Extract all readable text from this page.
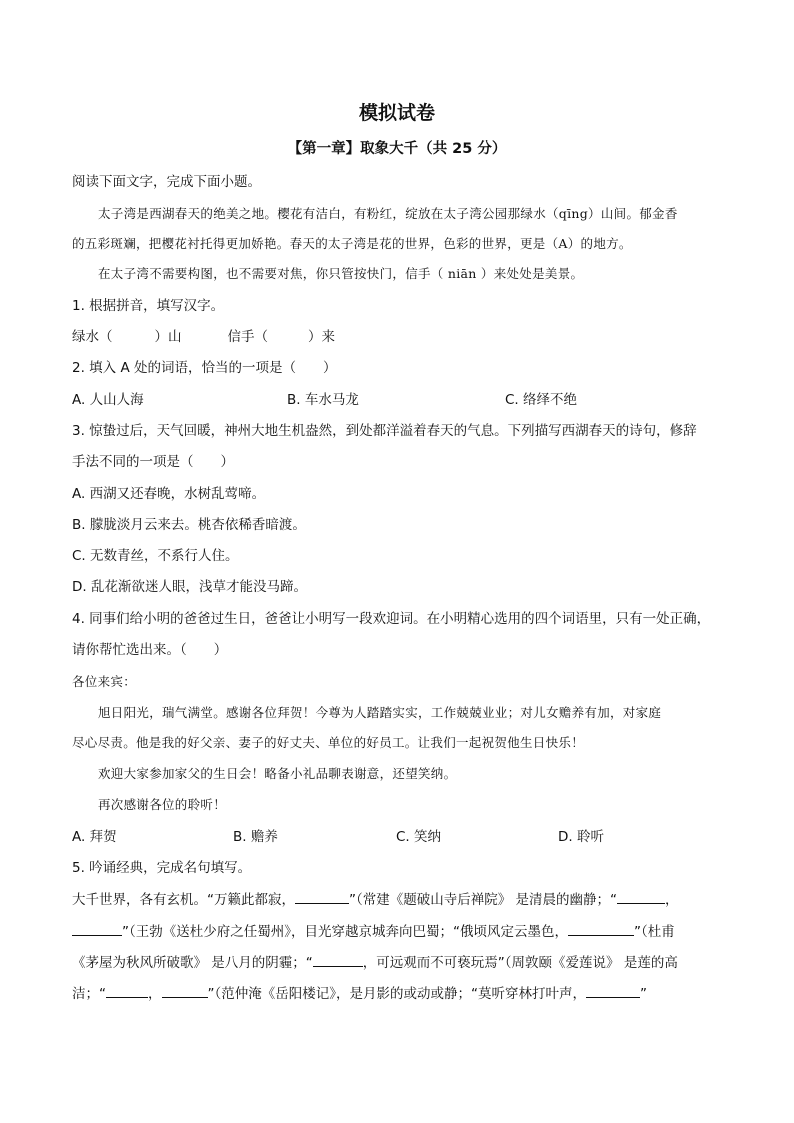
模拟试卷
【第一章】取象大千（共 25 分）
阅读下面文字，完成下面小题。
太子湾是西湖春天的绝美之地。樱花有洁白，有粉红，绽放在太子湾公园那绿水（qīng）山间。郁金香
的五彩斑斓，把樱花衬托得更加娇艳。春天的太子湾是花的世界，色彩的世界，更是（A）的地方。
在太子湾不需要构图，也不需要对焦，你只管按快门，信手（ niān ）来处处是美景。
1. 根据拼音，填写汉字。
绿水（	）山	信手（	）来
2. 填入 A 处的词语，恰当的一项是（　　）
A. 人山人海	B. 车水马龙	C. 络绎不绝
3. 惊蛰过后，天气回暖，神州大地生机盎然，到处都洋溢着春天的气息。下列描写西湖春天的诗句，修辞
手法不同的一项是（　　）
A. 西湖又还春晚，水树乱莺啼。
B. 朦胧淡月云来去。桃杏依稀香暗渡。
C. 无数青丝，不系行人住。
D. 乱花渐欲迷人眼，浅草才能没马蹄。
4. 同事们给小明的爸爸过生日，爸爸让小明写一段欢迎词。在小明精心选用的四个词语里，只有一处正确，
请你帮忙选出来。（　　）
各位来宾：
旭日阳光，瑞气满堂。感谢各位拜贺！今尊为人踏踏实实，工作兢兢业业；对儿女赡养有加，对家庭
尽心尽责。他是我的好父亲、妻子的好丈夫、单位的好员工。让我们一起祝贺他生日快乐！
欢迎大家参加家父的生日会！略备小礼品聊表谢意，还望笑纳。
再次感谢各位的聆听！
A. 拜贺	B. 赡养	C. 笑纳	D. 聆听
5. 吟诵经典，完成名句填写。
大千世界，各有玄机。“万籁此都寂，	”（常建《题破山寺后禅院》 是清晨的幽静；“	，
”（王勃《送杜少府之任蜀州》，目光穿越京城奔向巴蜀；“俄顷风定云墨色，	”（杜甫
《茅屋为秋风所破歌》 是八月的阴霾；“	，可远观而不可亵玩焉”（周敦颐《爱莲说》 是莲的高
洁；“	，	”（范仲淹《岳阳楼记》，是月影的或动或静；“莫听穿林打叶声，	”
